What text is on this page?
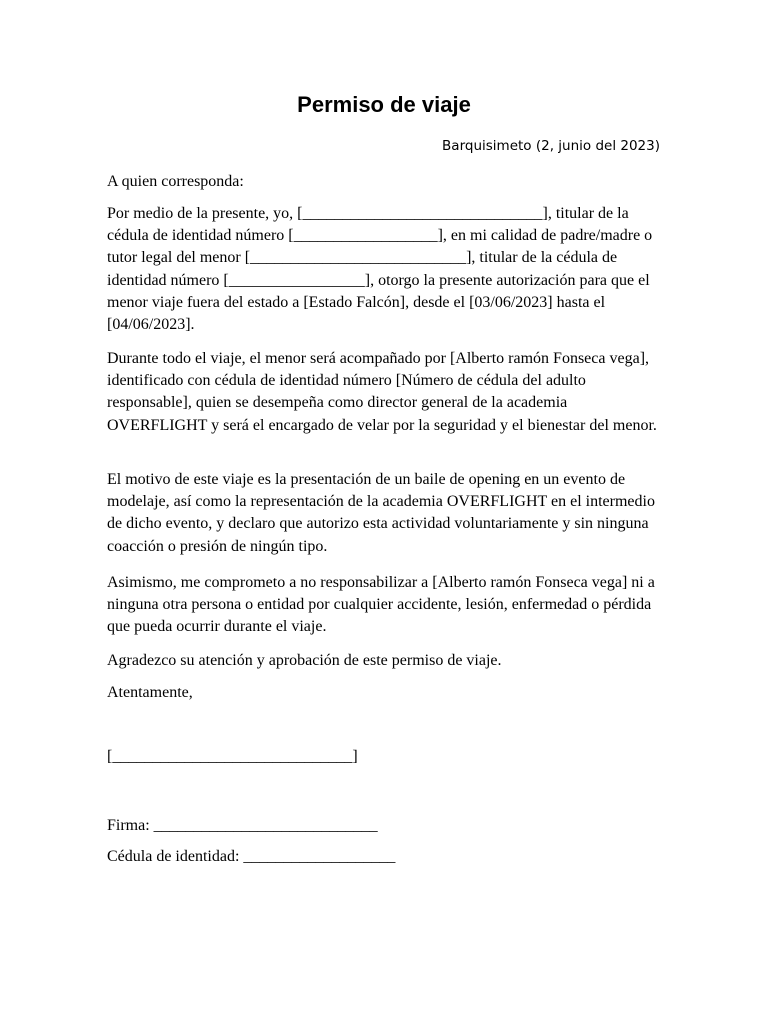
Permiso de viaje
Barquisimeto (2, junio del 2023)

A quien corresponda:

Por medio de la presente, yo, [______________________________], titular de la cédula de identidad número [__________________], en mi calidad de padre/madre o tutor legal del menor [___________________________], titular de la cédula de identidad número [_________________], otorgo la presente autorización para que el menor viaje fuera del estado a [Estado Falcón], desde el [03/06/2023] hasta el [04/06/2023].

Durante todo el viaje, el menor será acompañado por [Alberto ramón Fonseca vega], identificado con cédula de identidad número [Número de cédula del adulto responsable], quien se desempeña como director general de la academia OVERFLIGHT y será el encargado de velar por la seguridad y el bienestar del menor.

El motivo de este viaje es la presentación de un baile de opening en un evento de modelaje, así como la representación de la academia OVERFLIGHT en el intermedio de dicho evento, y declaro que autorizo esta actividad voluntariamente y sin ninguna coacción o presión de ningún tipo.

Asimismo, me comprometo a no responsabilizar a [Alberto ramón Fonseca vega] ni a ninguna otra persona o entidad por cualquier accidente, lesión, enfermedad o pérdida que pueda ocurrir durante el viaje.

Agradezco su atención y aprobación de este permiso de viaje.

Atentamente,

[______________________________]

Firma: ____________________________

Cédula de identidad: ___________________
